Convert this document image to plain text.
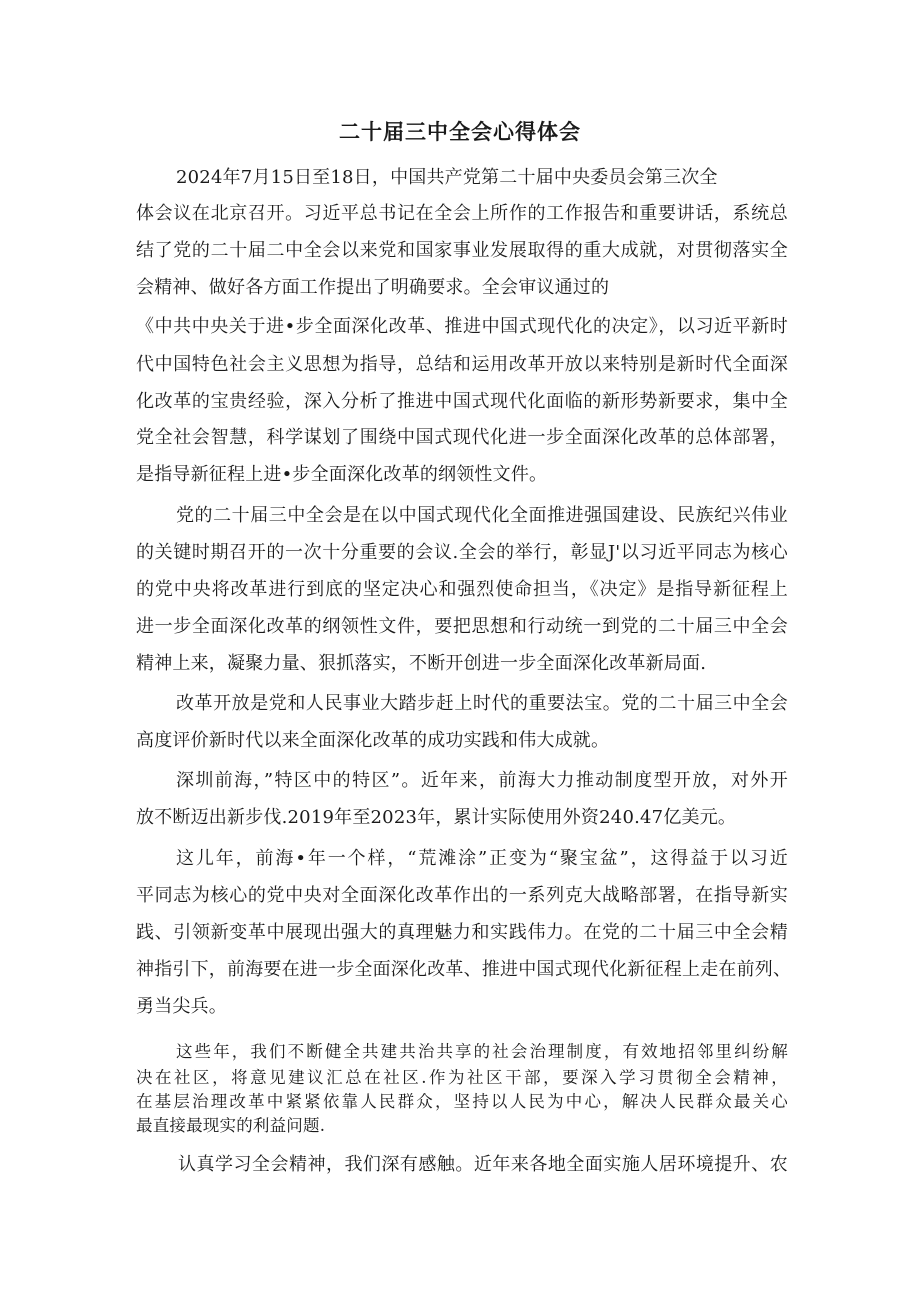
二十届三中全会心得体会
2024年7月15日至18日，中国共产党第二十届中央委员会第三次全
体会议在北京召开。习近平总书记在全会上所作的工作报告和重要讲话，系统总
结了党的二十届二中全会以来党和国家事业发展取得的重大成就，对贯彻落实全
会精神、做好各方面工作提出了明确要求。全会审议通过的
《中共中央关于进•步全面深化改革、推进中国式现代化的决定》，以习近平新时
代中国特色社会主义思想为指导，总结和运用改革开放以来特别是新时代全面深
化改革的宝贵经验，深入分析了推进中国式现代化面临的新形势新要求，集中全
党全社会智慧，科学谋划了围绕中国式现代化进一步全面深化改革的总体部署，
是指导新征程上进•步全面深化改革的纲领性文件。
党的二十届三中全会是在以中国式现代化全面推进强国建设、民族纪兴伟业
的关键时期召开的一次十分重要的会议.全会的举行，彰显J'以习近平同志为核心
的党中央将改革进行到底的坚定决心和强烈使命担当，《决定》是指导新征程上
进一步全面深化改革的纲领性文件，要把思想和行动统一到党的二十届三中全会
精神上来，凝聚力量、狠抓落实，不断开创进一步全面深化改革新局面.
改革开放是党和人民事业大踏步赶上时代的重要法宝。党的二十届三中全会
高度评价新时代以来全面深化改革的成功实践和伟大成就。
深圳前海，”特区中的特区”。近年来，前海大力推动制度型开放，对外开
放不断迈出新步伐.2019年至2023年，累计实际使用外资240.47亿美元。
这儿年，前海•年一个样，“荒滩涂”正变为“聚宝盆”，这得益于以习近
平同志为核心的党中央对全面深化改革作出的一系列克大战略部署，在指导新实
践、引领新变革中展现出强大的真理魅力和实践伟力。在党的二十届三中全会精
神指引下，前海要在进一步全面深化改革、推进中国式现代化新征程上走在前列、
勇当尖兵。
这些年，我们不断健全共建共治共享的社会治理制度，有效地招邻里纠纷解
决在社区，将意见建议汇总在社区.作为社区干部，要深入学习贯彻全会精神，
在基层治理改革中紧紧依靠人民群众，坚持以人民为中心，解决人民群众最关心
最直接最现实的利益问题.
认真学习全会精神，我们深有感触。近年来各地全面实施人居环境提升、农
